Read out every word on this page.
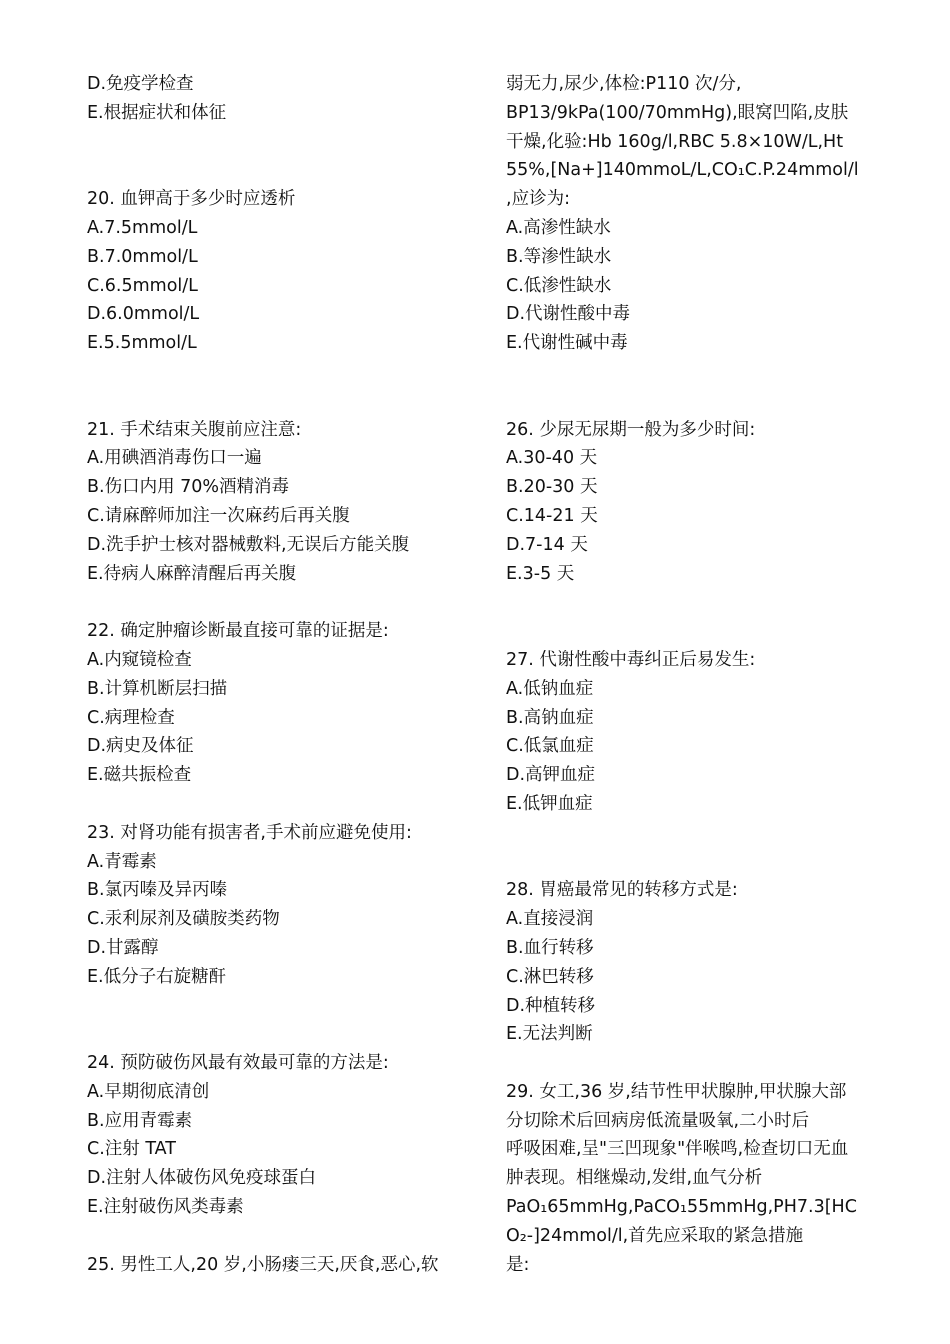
D.免疫学检查
E.根据症状和体征
20. 血钾高于多少时应透析
A.7.5mmol/L
B.7.0mmol/L
C.6.5mmol/L
D.6.0mmol/L
E.5.5mmol/L
21. 手术结束关腹前应注意:
A.用碘酒消毒伤口一遍
B.伤口内用 70%酒精消毒
C.请麻醉师加注一次麻药后再关腹
D.洗手护士核对器械敷料,无误后方能关腹
E.待病人麻醉清醒后再关腹
22. 确定肿瘤诊断最直接可靠的证据是:
A.内窥镜检查
B.计算机断层扫描
C.病理检查
D.病史及体征
E.磁共振检查
23. 对肾功能有损害者,手术前应避免使用:
A.青霉素
B.氯丙嗪及异丙嗪
C.汞利尿剂及磺胺类药物
D.甘露醇
E.低分子右旋糖酐
24. 预防破伤风最有效最可靠的方法是:
A.早期彻底清创
B.应用青霉素
C.注射 TAT
D.注射人体破伤风免疫球蛋白
E.注射破伤风类毒素
25. 男性工人,20 岁,小肠瘘三天,厌食,恶心,软
弱无力,尿少,体检:P110 次/分,
BP13/9kPa(100/70mmHg),眼窝凹陷,皮肤
干燥,化验:Hb 160g/l,RBC 5.8×10W/L,Ht
55%,[Na+]140mmoL/L,CO₁C.P.24mmol/l
,应诊为:
A.高渗性缺水
B.等渗性缺水
C.低渗性缺水
D.代谢性酸中毒
E.代谢性碱中毒
26. 少尿无尿期一般为多少时间:
A.30-40 天
B.20-30 天
C.14-21 天
D.7-14 天
E.3-5 天
27. 代谢性酸中毒纠正后易发生:
A.低钠血症
B.高钠血症
C.低氯血症
D.高钾血症
E.低钾血症
28. 胃癌最常见的转移方式是:
A.直接浸润
B.血行转移
C.淋巴转移
D.种植转移
E.无法判断
29. 女工,36 岁,结节性甲状腺肿,甲状腺大部
分切除术后回病房低流量吸氧,二小时后
呼吸困难,呈"三凹现象"伴喉鸣,检查切口无血
肿表现。相继燥动,发绀,血气分析
PaO₁65mmHg,PaCO₁55mmHg,PH7.3[HC
O₂-]24mmol/l,首先应采取的紧急措施
是:
